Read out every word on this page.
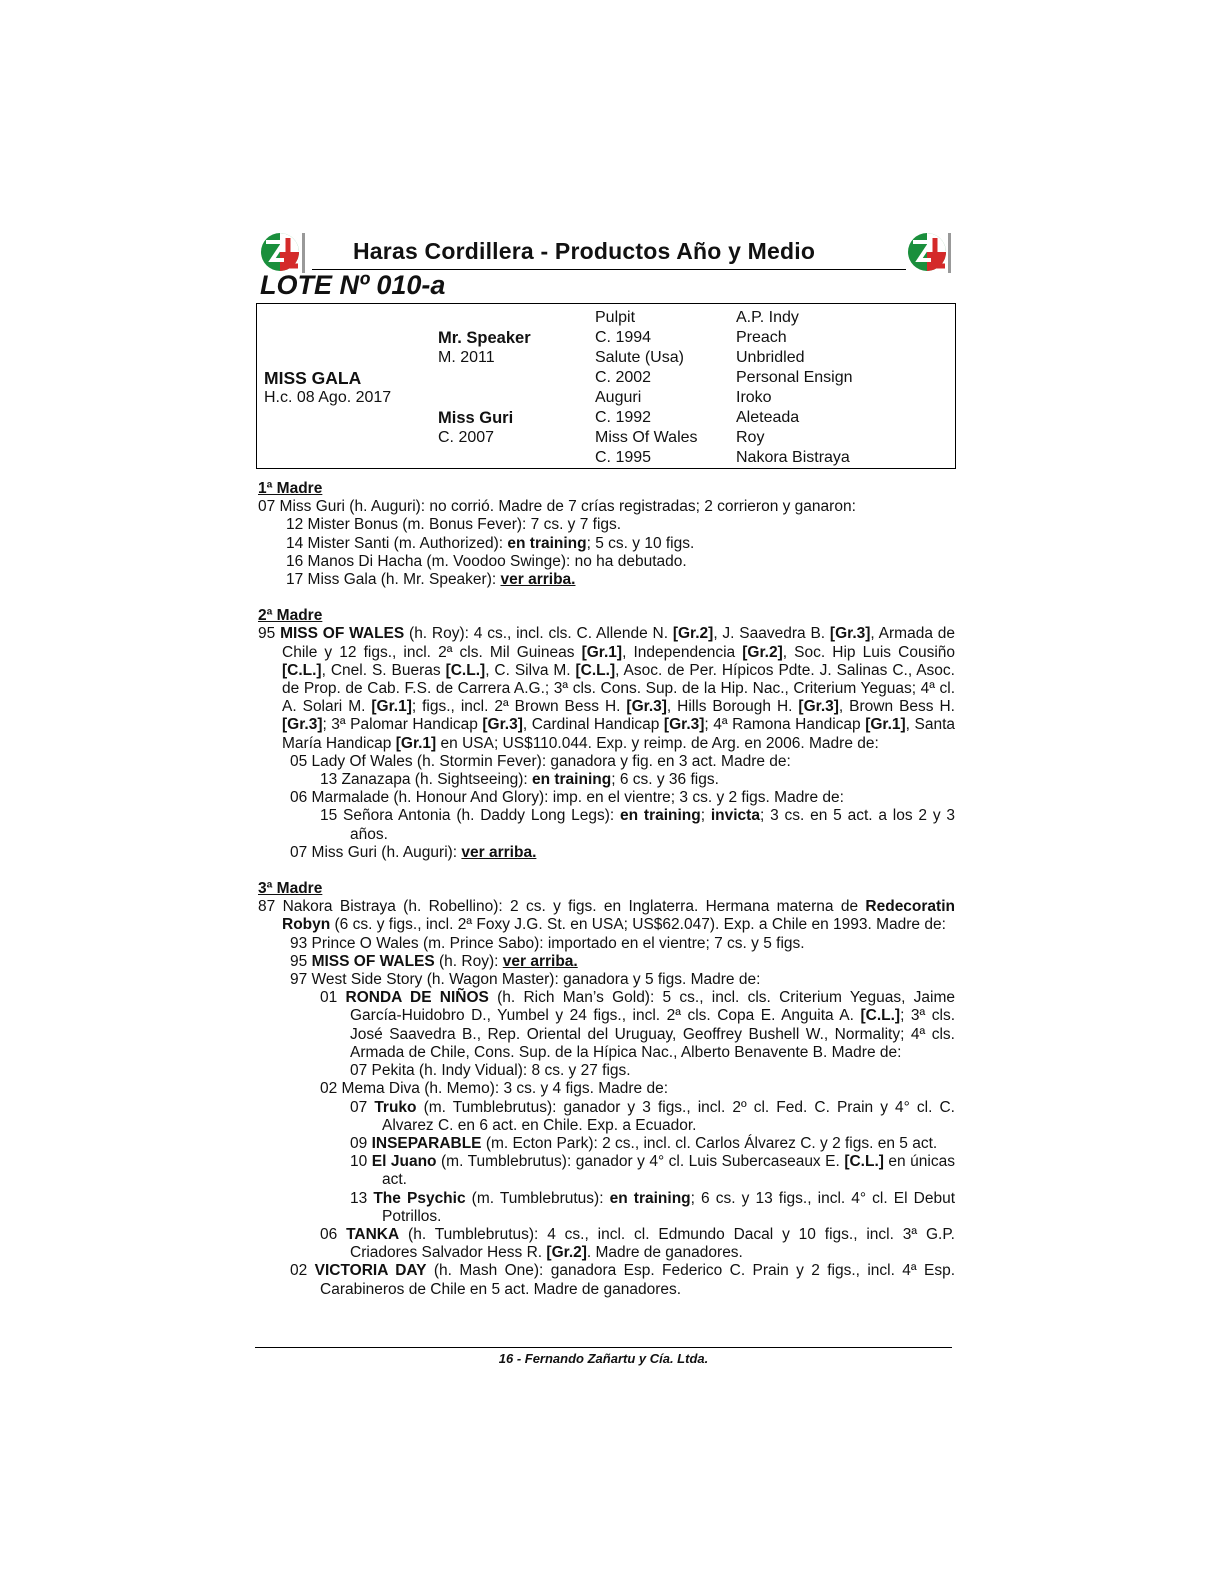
Haras Cordillera - Productos Año y Medio
LOTE Nº 010-a
MISS GALA
H.c. 08 Ago. 2017
Mr. Speaker
M. 2011
Miss Guri
C. 2007
Pulpit
C. 1994
Salute (Usa)
C. 2002
Auguri
C. 1992
Miss Of Wales
C. 1995
A.P. Indy
Preach
Unbridled
Personal Ensign
Iroko
Aleteada
Roy
Nakora Bistraya
1ª Madre
07 Miss Guri (h. Auguri): no corrió. Madre de 7 crías registradas; 2 corrieron y ganaron:
12 Mister Bonus (m. Bonus Fever): 7 cs. y 7 figs.
14 Mister Santi (m. Authorized): en training; 5 cs. y 10 figs.
16 Manos Di Hacha (m. Voodoo Swinge): no ha debutado.
17 Miss Gala (h. Mr. Speaker): ver arriba.
2ª Madre
95 MISS OF WALES (h. Roy): 4 cs., incl. cls. C. Allende N. [Gr.2], J. Saavedra B. [Gr.3], Armada de Chile y 12 figs., incl. 2ª cls. Mil Guineas [Gr.1], Independencia [Gr.2], Soc. Hip Luis Cousiño [C.L.], Cnel. S. Bueras [C.L.], C. Silva M. [C.L.], Asoc. de Per. Hípicos Pdte. J. Salinas C., Asoc. de Prop. de Cab. F.S. de Carrera A.G.; 3ª cls. Cons. Sup. de la Hip. Nac., Criterium Yeguas; 4ª cl. A. Solari M. [Gr.1]; figs., incl. 2ª Brown Bess H. [Gr.3], Hills Borough H. [Gr.3], Brown Bess H. [Gr.3]; 3ª Palomar Handicap [Gr.3], Cardinal Handicap [Gr.3]; 4ª Ramona Handicap [Gr.1], Santa María Handicap [Gr.1] en USA; US$110.044. Exp. y reimp. de Arg. en 2006. Madre de:
05 Lady Of Wales (h. Stormin Fever): ganadora y fig. en 3 act. Madre de:
13 Zanazapa (h. Sightseeing): en training; 6 cs. y 36 figs.
06 Marmalade (h. Honour And Glory): imp. en el vientre; 3 cs. y 2 figs. Madre de:
15 Señora Antonia (h. Daddy Long Legs): en training; invicta; 3 cs. en 5 act. a los 2 y 3 años.
07 Miss Guri (h. Auguri): ver arriba.
3ª Madre
87 Nakora Bistraya (h. Robellino): 2 cs. y figs. en Inglaterra. Hermana materna de Redecoratin Robyn (6 cs. y figs., incl. 2ª Foxy J.G. St. en USA; US$62.047). Exp. a Chile en 1993. Madre de:
93 Prince O Wales (m. Prince Sabo): importado en el vientre; 7 cs. y 5 figs.
95 MISS OF WALES (h. Roy): ver arriba.
97 West Side Story (h. Wagon Master): ganadora y 5 figs. Madre de:
01 RONDA DE NIÑOS (h. Rich Man’s Gold): 5 cs., incl. cls. Criterium Yeguas, Jaime García-Huidobro D., Yumbel y 24 figs., incl. 2ª cls. Copa E. Anguita A. [C.L.]; 3ª cls. José Saavedra B., Rep. Oriental del Uruguay, Geoffrey Bushell W., Normality; 4ª cls. Armada de Chile, Cons. Sup. de la Hípica Nac., Alberto Benavente B. Madre de:
07 Pekita (h. Indy Vidual): 8 cs. y 27 figs.
02 Mema Diva (h. Memo): 3 cs. y 4 figs. Madre de:
07 Truko (m. Tumblebrutus): ganador y 3 figs., incl. 2º cl. Fed. C. Prain y 4° cl. C. Alvarez C. en 6 act. en Chile. Exp. a Ecuador.
09 INSEPARABLE (m. Ecton Park): 2 cs., incl. cl. Carlos Álvarez C. y 2 figs. en 5 act.
10 El Juano (m. Tumblebrutus): ganador y 4° cl. Luis Subercaseaux E. [C.L.] en únicas act.
13 The Psychic (m. Tumblebrutus): en training; 6 cs. y 13 figs., incl. 4° cl. El Debut Potrillos.
06 TANKA (h. Tumblebrutus): 4 cs., incl. cl. Edmundo Dacal y 10 figs., incl. 3ª G.P. Criadores Salvador Hess R. [Gr.2]. Madre de ganadores.
02 VICTORIA DAY (h. Mash One): ganadora Esp. Federico C. Prain y 2 figs., incl. 4ª Esp. Carabineros de Chile en 5 act. Madre de ganadores.
16 - Fernando Zañartu y Cía. Ltda.
